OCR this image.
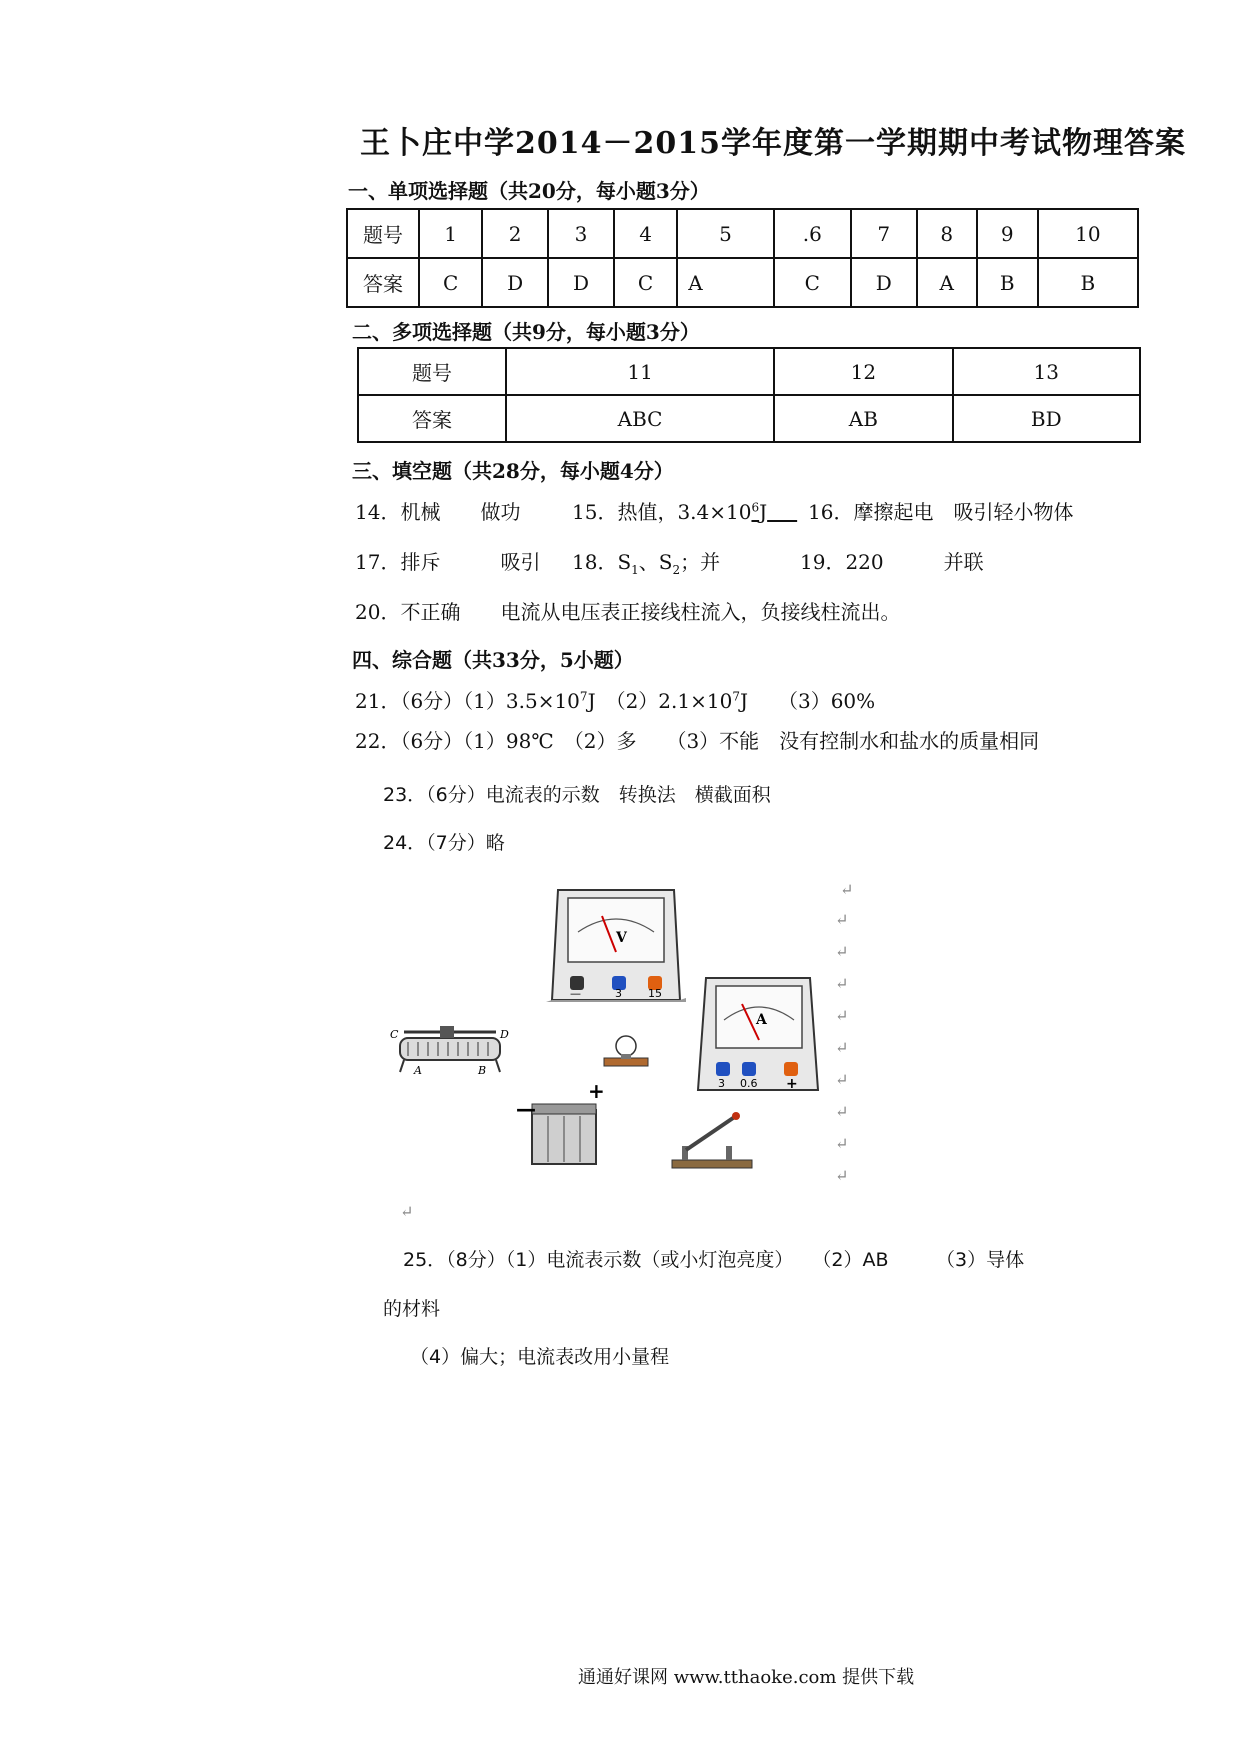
王卜庄中学2014－2015学年度第一学期期中考试物理答案
一、单项选择题（共20分，每小题3分）
题号	1	2	3	4	5	.6	7	8	9	10
答案	C	D	D	C	A	C	D	A	B	B
二、多项选择题（共9分，每小题3分）
题号	11	12	13
答案	ABC	AB	BD
三、填空题（共28分，每小题4分）
14．机械　　做功	15．热值，$3.4\times 10^6J$  	16．摩擦起电　吸引轻小物体
17．排斥　　　吸引 18．$S_1$、$S_2$；并	19．220　　　并联
20．不正确　　电流从电压表正接线柱流入，负接线柱流出。
四、综合题（共33分，5小题）
21．（6分）$(1)3.5\times 10^7J$　$(2)2.1\times 10^7J$　　（3）60%
22．（6分）（1）98℃　（2）多　　（3）不能　没有控制水和盐水的质量相同
23．（6分）电流表的示数　转换法　横截面积
24．（7分）略
V
—	3 15
A
3 0.6 +
C	D
A	B
—
+
↵
↵
↵
↵
↵
↵
↵
↵
↵
↵
↵
25．（8分）（1）电流表示数（或小灯泡亮度）　　（2）AB　　　（3）导体
的材料
（4）偏大；电流表改用小量程
通通好课网 www.tthaoke.com 提供下载
